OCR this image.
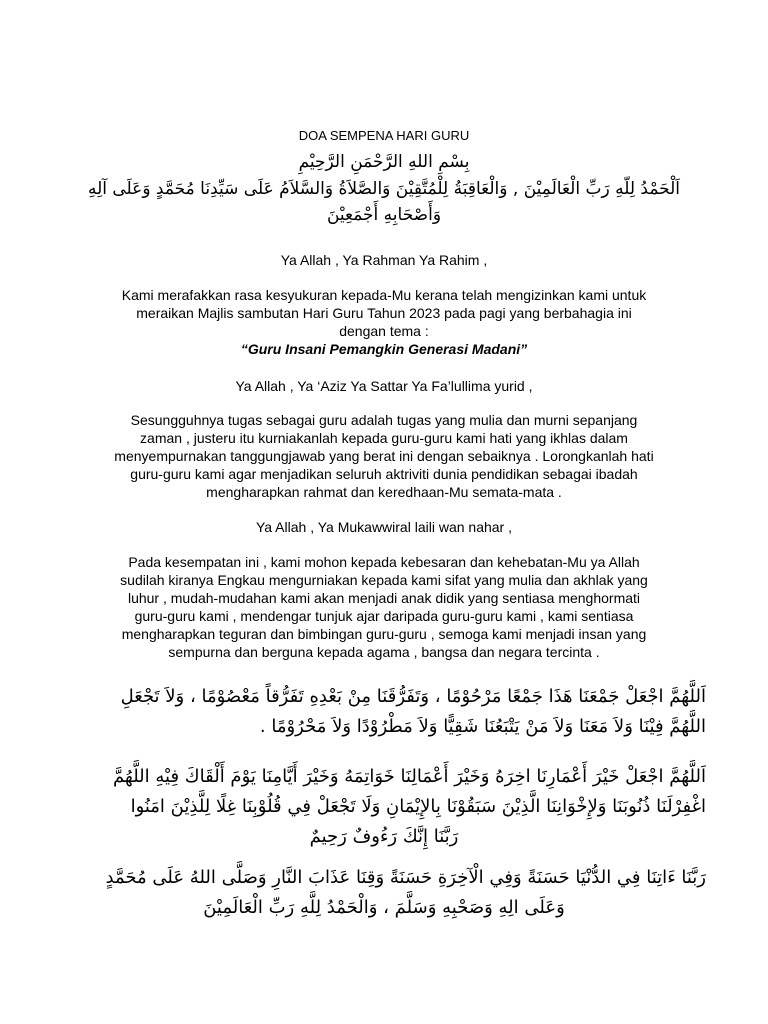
DOA SEMPENA HARI GURU
بِسْمِ اللهِ الرَّحْمَنِ الرَّحِيْمِ
اَلْحَمْدُ لِلّهِ رَبِّ الْعَالَمِيْنَ , وَالْعَاقِبَةُ لِلْمُتَّقِيْنَ وَالصَّلاَةُ وَالسَّلاَمُ عَلَى سَيِّدِنَا مُحَمَّدٍ وَعَلَى آلِهِ
وَأَصْحَابِهِ أَجْمَعِيْنَ
Ya Allah , Ya Rahman Ya Rahim ,
Kami merafakkan rasa kesyukuran kepada-Mu kerana telah mengizinkan kami untuk
meraikan Majlis sambutan Hari Guru Tahun 2023 pada pagi yang berbahagia ini
dengan tema :
“Guru Insani Pemangkin Generasi Madani”
Ya Allah , Ya ‘Aziz Ya Sattar Ya Fa’lullima yurid ,
Sesungguhnya tugas sebagai guru adalah tugas yang mulia dan murni sepanjang
zaman , justeru itu kurniakanlah kepada guru-guru kami hati yang ikhlas dalam
menyempurnakan tanggungjawab yang berat ini dengan sebaiknya . Lorongkanlah hati
guru-guru kami agar menjadikan seluruh aktriviti dunia pendidikan sebagai ibadah
mengharapkan rahmat dan keredhaan-Mu semata-mata .
Ya Allah , Ya Mukawwiral laili wan nahar ,
Pada kesempatan ini , kami mohon kepada kebesaran dan kehebatan-Mu ya Allah
sudilah kiranya Engkau mengurniakan kepada kami sifat yang mulia dan akhlak yang
luhur , mudah-mudahan kami akan menjadi anak didik yang sentiasa menghormati
guru-guru kami , mendengar tunjuk ajar daripada guru-guru kami , kami sentiasa
mengharapkan teguran dan bimbingan guru-guru , semoga kami menjadi insan yang
sempurna dan berguna kepada agama , bangsa dan negara tercinta .
اَللَّهُمَّ اجْعَلْ جَمْعَنَا هَذَا جَمْعًا مَرْحُوْمًا ، وَتَفَرُّقَنَا مِنْ بَعْدِهِ تَفَرُّقاً مَعْصُوْمًا ، وَلاَ تَجْعَلِ
اللَّهُمَّ فِيْنَا وَلاَ مَعَنَا وَلاَ مَنْ يَتْبَعُنَا شَقِيًّا وَلاَ مَطْرُوْدًا وَلاَ مَحْرُوْمًا .
اَللَّهُمَّ اجْعَلْ خَيْرَ أَعْمَارِنَا اخِرَهُ وَخَيْرَ أَعْمَالِنَا خَوَاتِمَهُ وَخَيْرَ أَيَّامِنَا يَوْمَ أَلْقَاكَ فِيْهِ اللَّهُمَّ
اغْفِرْلَنَا ذُنُوبَنَا وَلإِخْوَانِنَا الَّذِيْنَ سَبَقُوْنَا بِالإِيْمَانِ وَلَا تَجْعَلْ فِي قُلُوْبِنَا غِلًا لِلَّذِيْنَ امَنُوا
رَبَّنَا إِنَّكَ رَءُوفٌ رَحِيمٌ
رَبَّنَا ءَاتِنَا فِي الدُّنْيَا حَسَنَةً وَفِي الْآخِرَةِ حَسَنَةً وَقِنَا عَذَابَ النَّارِ وَصَلَّى اللهُ عَلَى مُحَمَّدٍ
وَعَلَى الِهِ وَصَحْبِهِ وَسَلَّمَ ، وَالْحَمْدُ لِلَّهِ رَبِّ الْعَالَمِيْنَ
